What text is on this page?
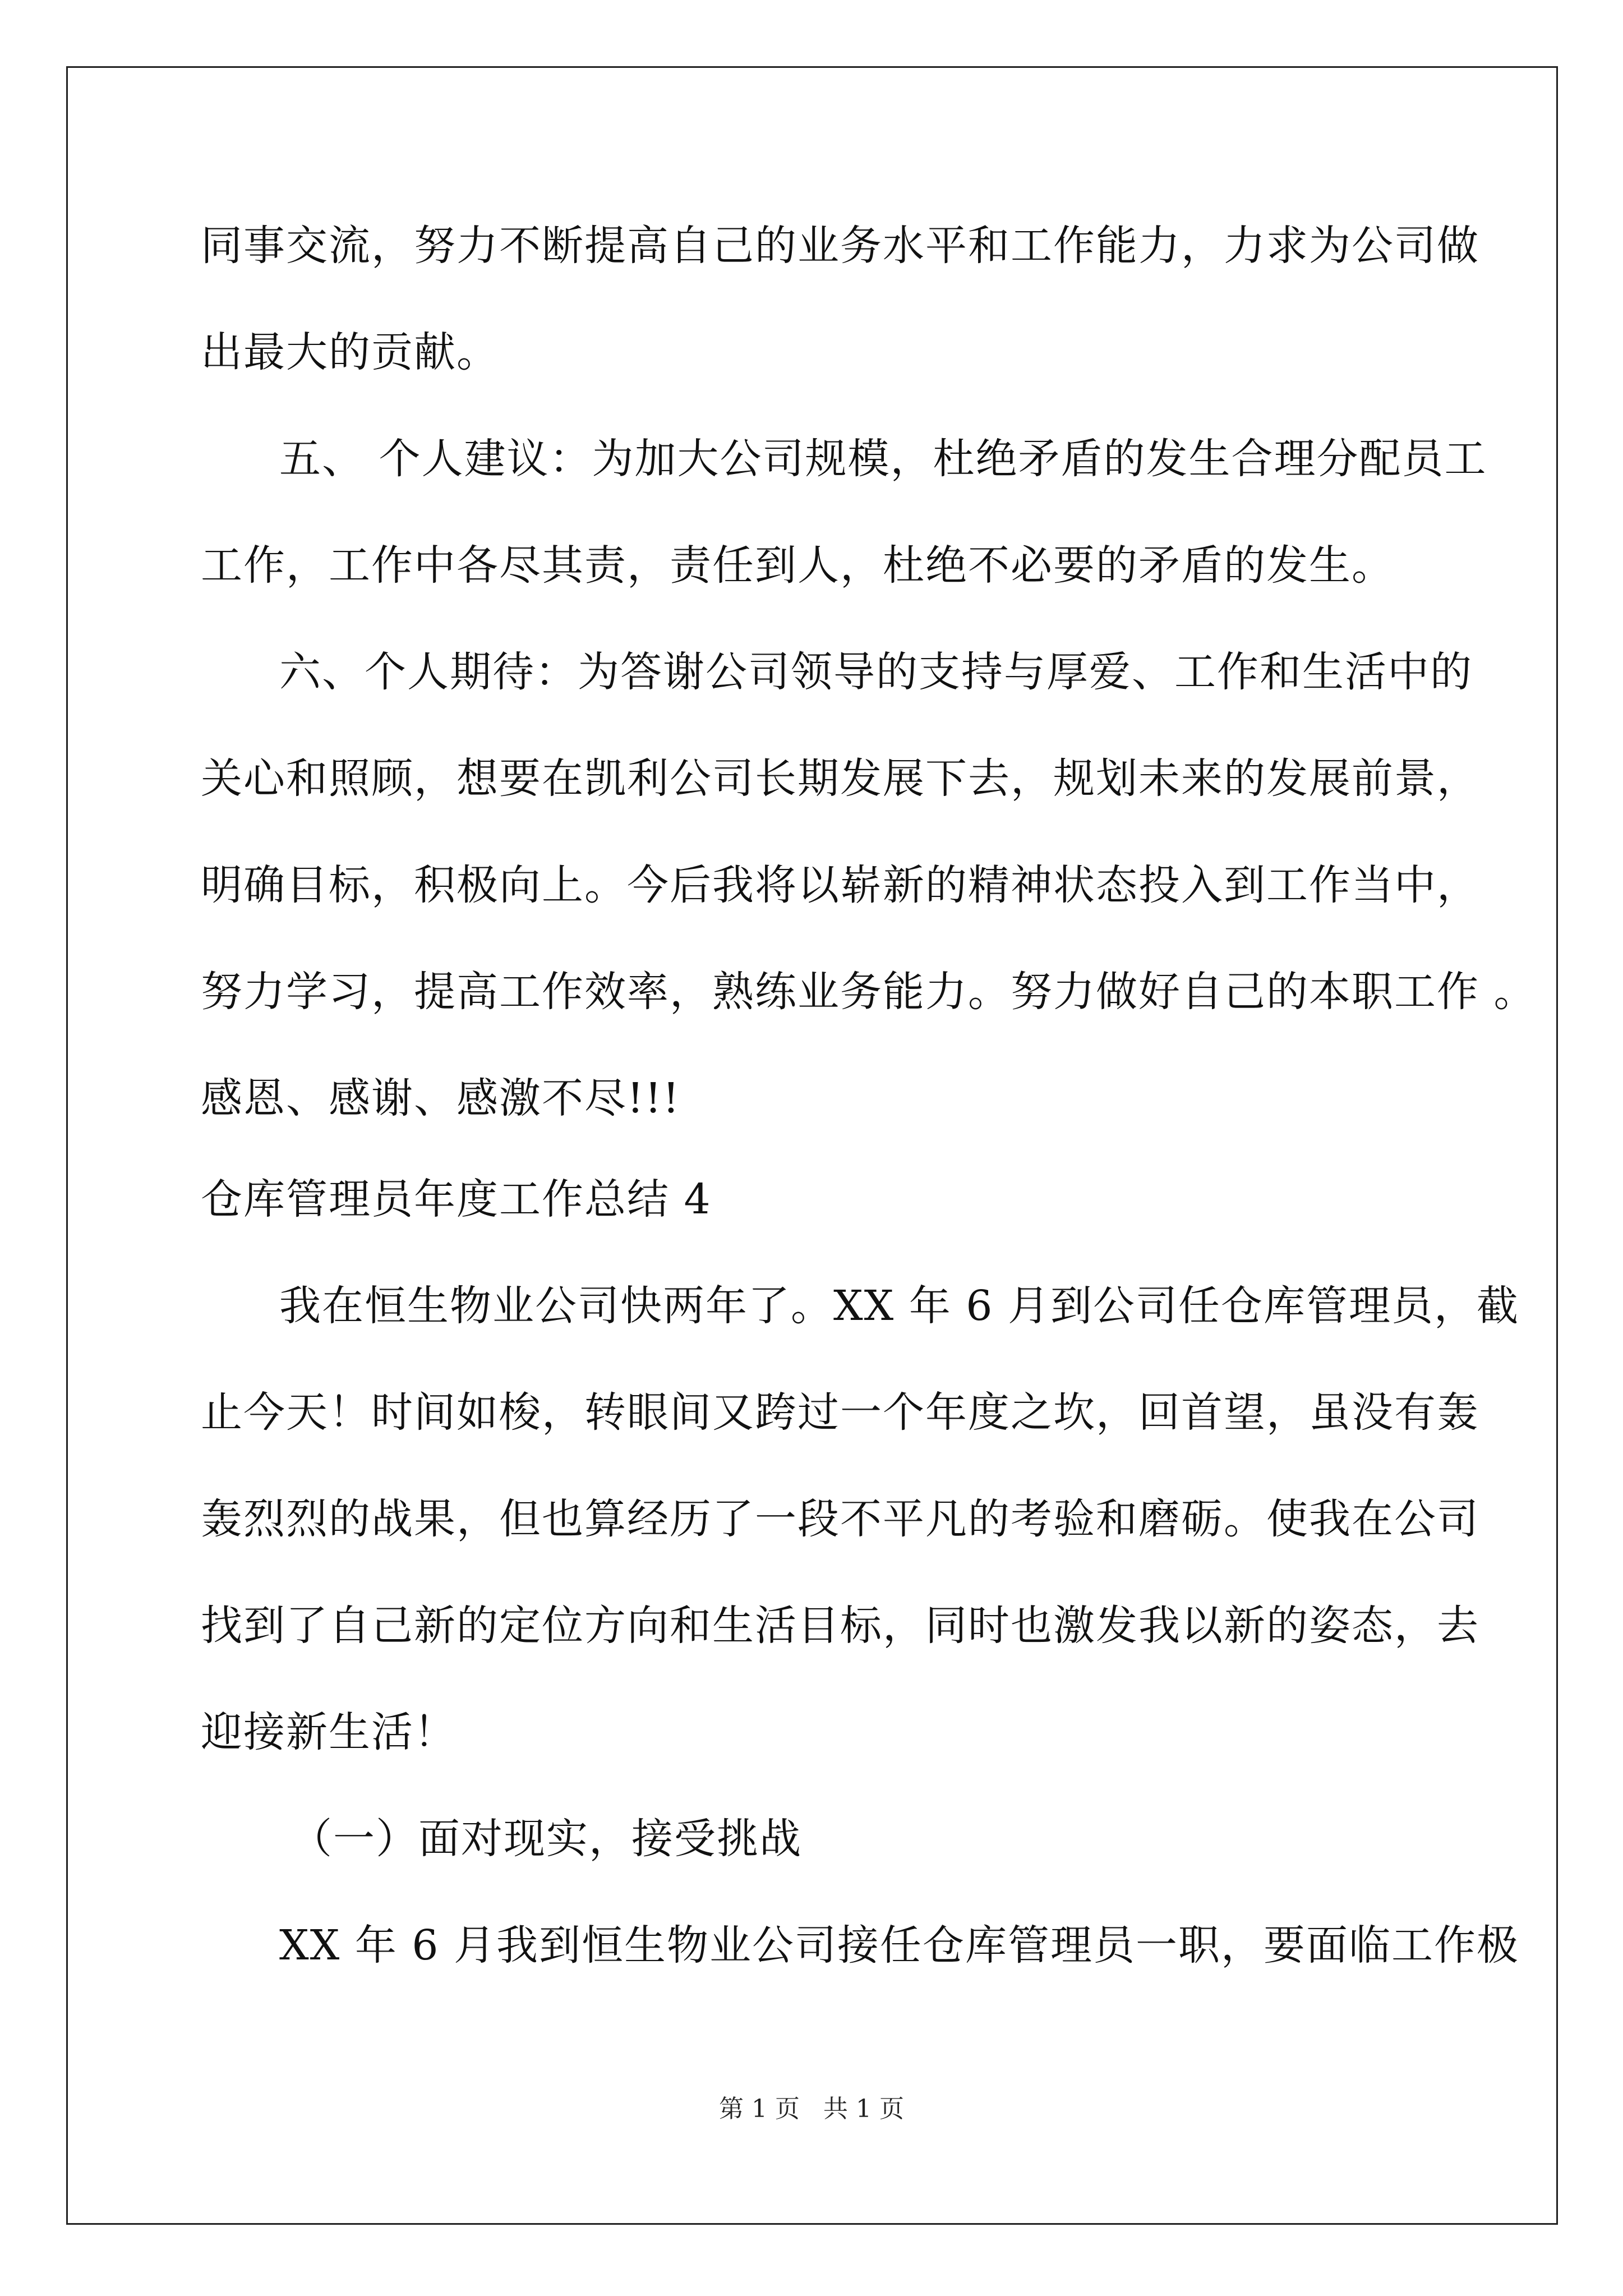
同事交流，努力不断提高自己的业务水平和工作能力，力求为公司做
出最大的贡献。
五、 个人建议：为加大公司规模，杜绝矛盾的发生合理分配员工
工作，工作中各尽其责，责任到人，杜绝不必要的矛盾的发生。
六、个人期待：为答谢公司领导的支持与厚爱、工作和生活中的
关心和照顾，想要在凯利公司长期发展下去，规划未来的发展前景，
明确目标，积极向上。今后我将以崭新的精神状态投入到工作当中，
努力学习，提高工作效率，熟练业务能力。努力做好自己的本职工作 。
感恩、感谢、感激不尽!!!
仓库管理员年度工作总结 4
我在恒生物业公司快两年了。XX 年 6 月到公司任仓库管理员，截
止今天！时间如梭，转眼间又跨过一个年度之坎，回首望，虽没有轰
轰烈烈的战果，但也算经历了一段不平凡的考验和磨砺。使我在公司
找到了自己新的定位方向和生活目标，同时也激发我以新的姿态，去
迎接新生活！
（一）面对现实，接受挑战
XX 年 6 月我到恒生物业公司接任仓库管理员一职，要面临工作极
第 1 页   共 1 页
